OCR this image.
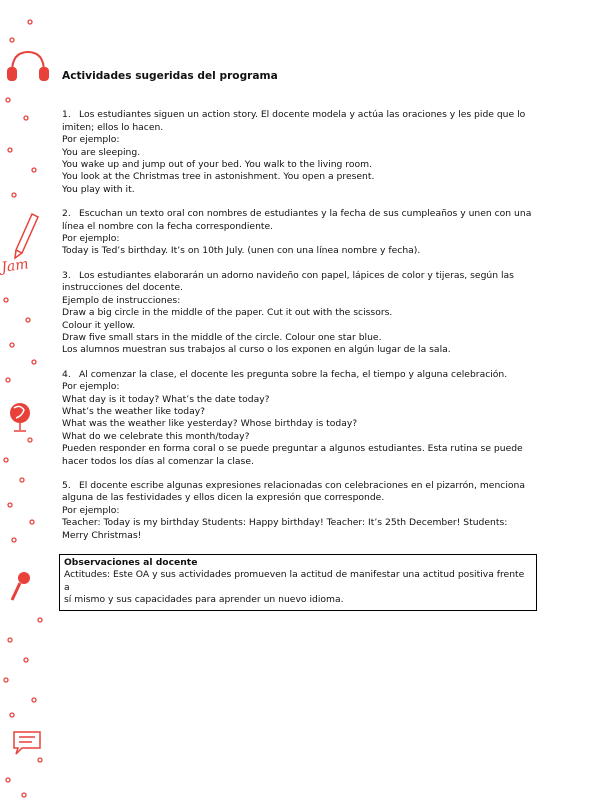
Jam
Actividades sugeridas del programa

1. Los estudiantes siguen un action story. El docente modela y actúa las oraciones y les pide que lo

imiten; ellos lo hacen.

Por ejemplo:

You are sleeping.

You wake up and jump out of your bed. You walk to the living room.

You look at the Christmas tree in astonishment. You open a present.

You play with it.

2. Escuchan un texto oral con nombres de estudiantes y la fecha de sus cumpleaños y unen con una

línea el nombre con la fecha correspondiente.

Por ejemplo:

Today is Ted’s birthday. It’s on 10th July. (unen con una línea nombre y fecha).

3. Los estudiantes elaborarán un adorno navideño con papel, lápices de color y tijeras, según las

instrucciones del docente.

Ejemplo de instrucciones:

Draw a big circle in the middle of the paper. Cut it out with the scissors.

Colour it yellow.

Draw five small stars in the middle of the circle. Colour one star blue.

Los alumnos muestran sus trabajos al curso o los exponen en algún lugar de la sala.

4. Al comenzar la clase, el docente les pregunta sobre la fecha, el tiempo y alguna celebración.

Por ejemplo:

What day is it today? What’s the date today?

What’s the weather like today?

What was the weather like yesterday? Whose birthday is today?

What do we celebrate this month/today?

Pueden responder en forma coral o se puede preguntar a algunos estudiantes. Esta rutina se puede

hacer todos los días al comenzar la clase.

5. El docente escribe algunas expresiones relacionadas con celebraciones en el pizarrón, menciona

alguna de las festividades y ellos dicen la expresión que corresponde.

Por ejemplo:

Teacher: Today is my birthday Students: Happy birthday! Teacher: It’s 25th December! Students:

Merry Christmas!

Observaciones al docente

Actitudes: Este OA y sus actividades promueven la actitud de manifestar una actitud positiva frente a

sí mismo y sus capacidades para aprender un nuevo idioma.
